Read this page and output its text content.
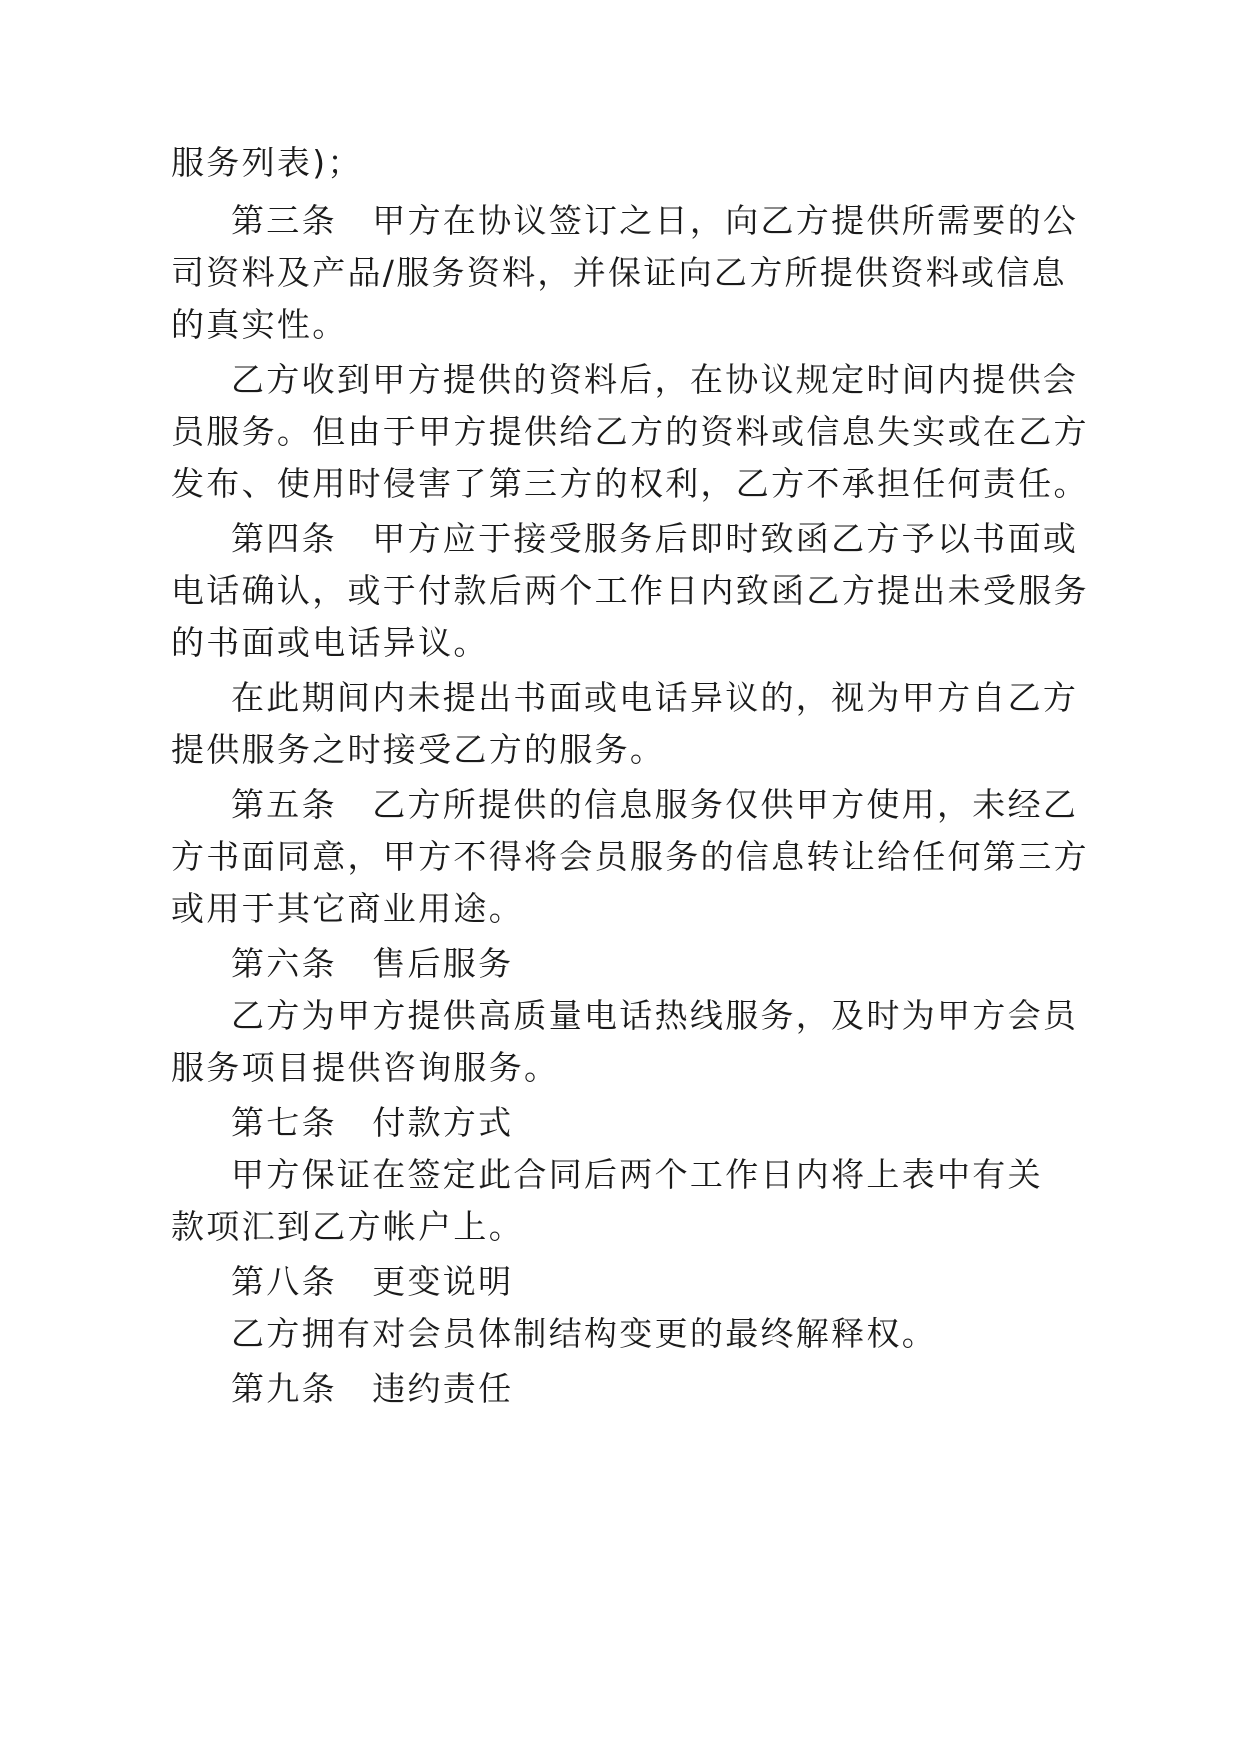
服务列表)；
第三条　甲方在协议签订之日，向乙方提供所需要的公
司资料及产品/服务资料，并保证向乙方所提供资料或信息
的真实性。
乙方收到甲方提供的资料后，在协议规定时间内提供会
员服务。但由于甲方提供给乙方的资料或信息失实或在乙方
发布、使用时侵害了第三方的权利，乙方不承担任何责任。
第四条　甲方应于接受服务后即时致函乙方予以书面或
电话确认，或于付款后两个工作日内致函乙方提出未受服务
的书面或电话异议。
在此期间内未提出书面或电话异议的，视为甲方自乙方
提供服务之时接受乙方的服务。
第五条　乙方所提供的信息服务仅供甲方使用，未经乙
方书面同意，甲方不得将会员服务的信息转让给任何第三方
或用于其它商业用途。
第六条　售后服务
乙方为甲方提供高质量电话热线服务，及时为甲方会员
服务项目提供咨询服务。
第七条　付款方式
甲方保证在签定此合同后两个工作日内将上表中有关
款项汇到乙方帐户上。
第八条　更变说明
乙方拥有对会员体制结构变更的最终解释权。
第九条　违约责任
